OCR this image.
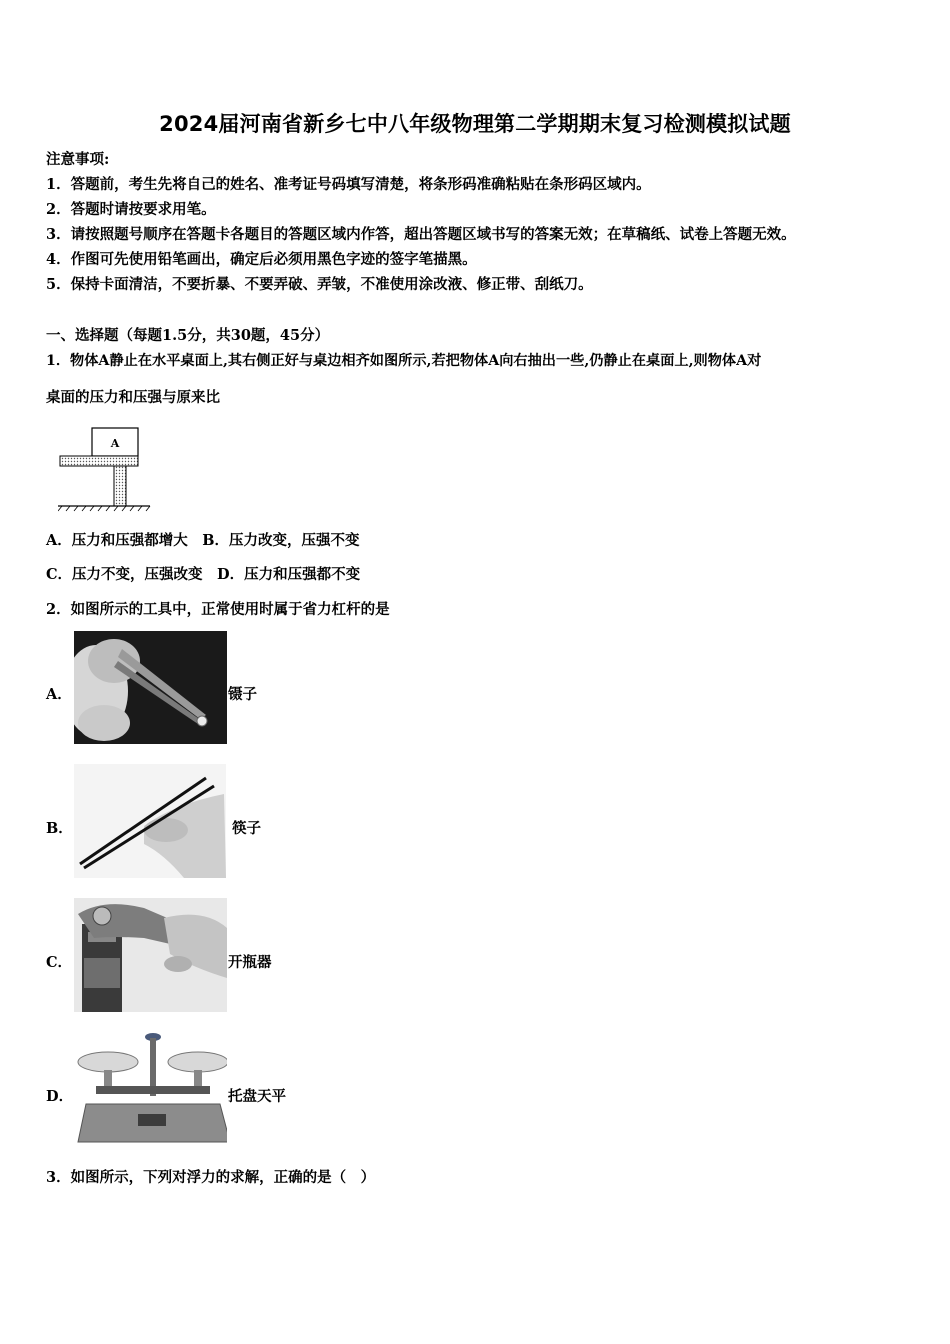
2024届河南省新乡七中八年级物理第二学期期末复习检测模拟试题
注意事项:
1．答题前，考生先将自己的姓名、准考证号码填写清楚，将条形码准确粘贴在条形码区域内。
2．答题时请按要求用笔。
3．请按照题号顺序在答题卡各题目的答题区域内作答，超出答题区域书写的答案无效；在草稿纸、试卷上答题无效。
4．作图可先使用铅笔画出，确定后必须用黑色字迹的签字笔描黑。
5．保持卡面清洁，不要折暴、不要弄破、弄皱，不准使用涂改液、修正带、刮纸刀。
一、选择题（每题1.5分，共30题，45分）
1．物体A静止在水平桌面上,其右侧正好与桌边相齐如图所示,若把物体A向右抽出一些,仍静止在桌面上,则物体A对
桌面的压力和压强与原来比
A
A．压力和压强都增大　B．压力改变，压强不变
C．压力不变，压强改变　D．压力和压强都不变
2．如图所示的工具中，正常使用时属于省力杠杆的是
A．	镊子
B．	筷子
C．	开瓶器
D．	托盘天平
3．如图所示，下列对浮力的求解，正确的是（　）
